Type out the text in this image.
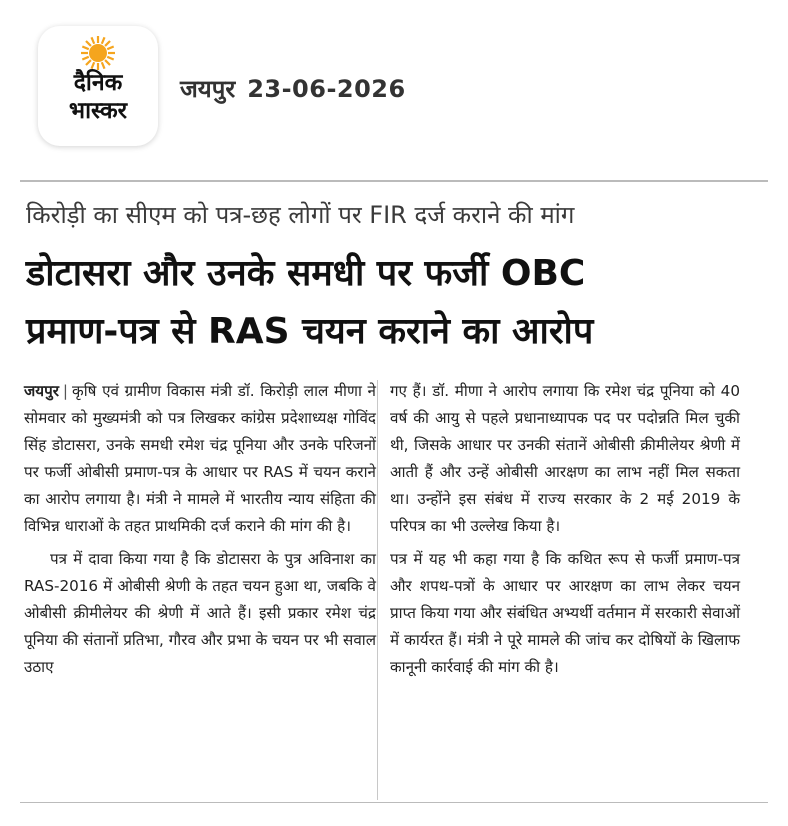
दैनिक
भास्कर
जयपुर 23-06-2026
किरोड़ी का सीएम को पत्र-छह लोगों पर FIR दर्ज कराने की मांग
डोटासरा और उनके समधी पर फर्जी OBC
प्रमाण-पत्र से RAS चयन कराने का आरोप

जयपुर | कृषि एवं ग्रामीण विकास मंत्री डॉ. किरोड़ी लाल मीणा ने सोमवार को मुख्यमंत्री को पत्र लिखकर कांग्रेस प्रदेशाध्यक्ष गोविंद सिंह डोटासरा, उनके समधी रमेश चंद्र पूनिया और उनके परिजनों पर फर्जी ओबीसी प्रमाण-पत्र के आधार पर RAS में चयन कराने का आरोप लगाया है। मंत्री ने मामले में भारतीय न्याय संहिता की विभिन्न धाराओं के तहत प्राथमिकी दर्ज कराने की मांग की है।

पत्र में दावा किया गया है कि डोटासरा के पुत्र अविनाश का RAS-2016 में ओबीसी श्रेणी के तहत चयन हुआ था, जबकि वे ओबीसी क्रीमीलेयर की श्रेणी में आते हैं। इसी प्रकार रमेश चंद्र पूनिया की संतानों प्रतिभा, गौरव और प्रभा के चयन पर भी सवाल उठाए

गए हैं। डॉ. मीणा ने आरोप लगाया कि रमेश चंद्र पूनिया को 40 वर्ष की आयु से पहले प्रधानाध्यापक पद पर पदोन्नति मिल चुकी थी, जिसके आधार पर उनकी संतानें ओबीसी क्रीमीलेयर श्रेणी में आती हैं और उन्हें ओबीसी आरक्षण का लाभ नहीं मिल सकता था। उन्होंने इस संबंध में राज्य सरकार के 2 मई 2019 के परिपत्र का भी उल्लेख किया है।

पत्र में यह भी कहा गया है कि कथित रूप से फर्जी प्रमाण-पत्र और शपथ-पत्रों के आधार पर आरक्षण का लाभ लेकर चयन प्राप्त किया गया और संबंधित अभ्यर्थी वर्तमान में सरकारी सेवाओं में कार्यरत हैं। मंत्री ने पूरे मामले की जांच कर दोषियों के खिलाफ कानूनी कार्रवाई की मांग की है।
